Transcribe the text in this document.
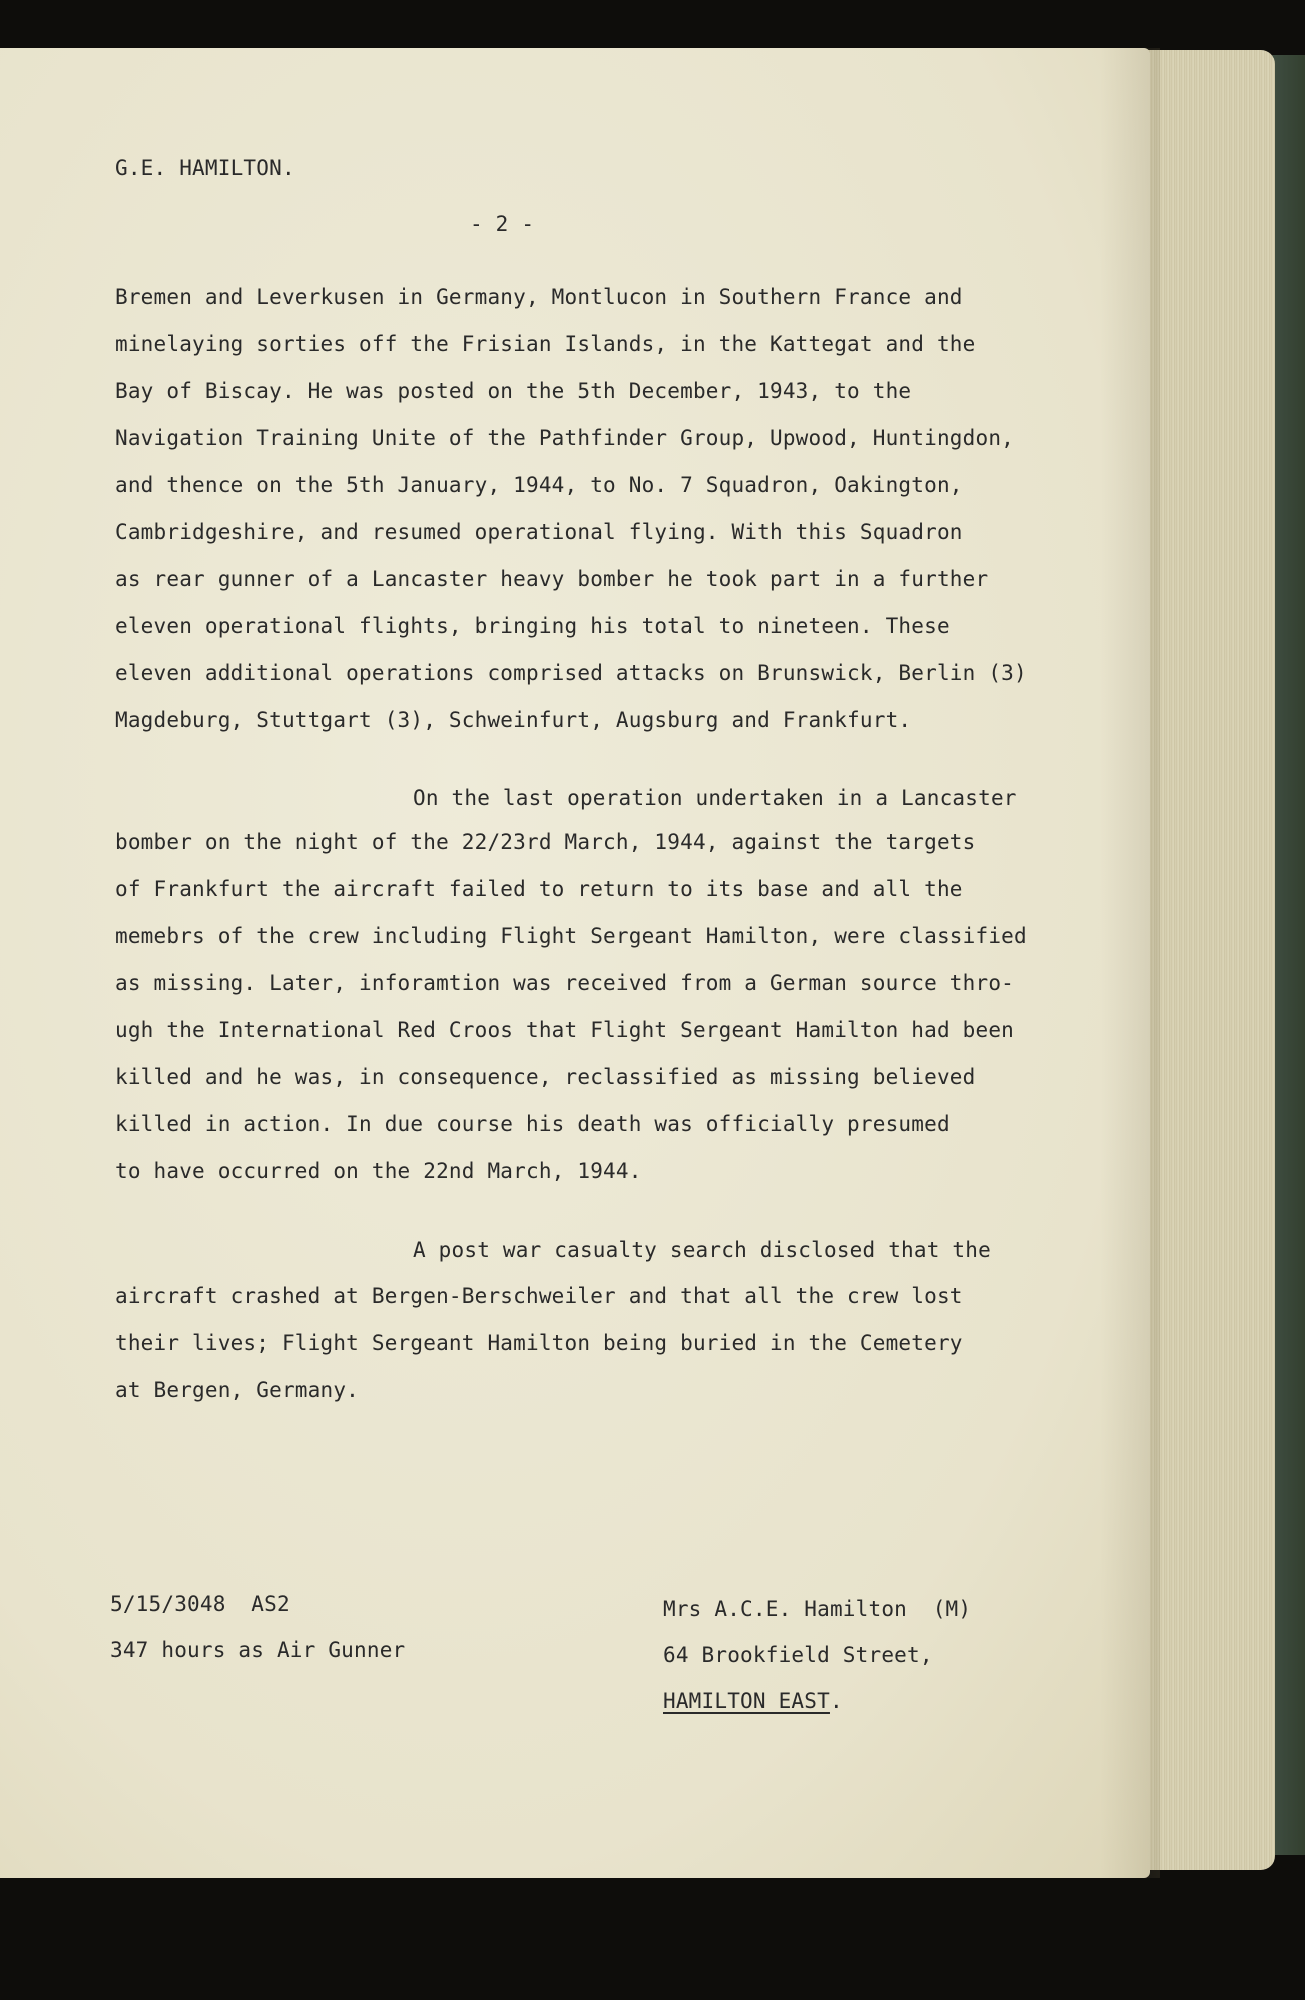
G.E. HAMILTON.
- 2 -
Bremen and Leverkusen in Germany, Montlucon in Southern France and
minelaying sorties off the Frisian Islands, in the Kattegat and the
Bay of Biscay. He was posted on the 5th December, 1943, to the
Navigation Training Unite of the Pathfinder Group, Upwood, Huntingdon,
and thence on the 5th January, 1944, to No. 7 Squadron, Oakington,
Cambridgeshire, and resumed operational flying. With this Squadron
as rear gunner of a Lancaster heavy bomber he took part in a further
eleven operational flights, bringing his total to nineteen. These
eleven additional operations comprised attacks on Brunswick, Berlin (3)
Magdeburg, Stuttgart (3), Schweinfurt, Augsburg and Frankfurt.
On the last operation undertaken in a Lancaster
bomber on the night of the 22/23rd March, 1944, against the targets
of Frankfurt the aircraft failed to return to its base and all the
memebrs of the crew including Flight Sergeant Hamilton, were classified
as missing. Later, inforamtion was received from a German source thro-
ugh the International Red Croos that Flight Sergeant Hamilton had been
killed and he was, in consequence, reclassified as missing believed
killed in action. In due course his death was officially presumed
to have occurred on the 22nd March, 1944.
A post war casualty search disclosed that the
aircraft crashed at Bergen-Berschweiler and that all the crew lost
their lives; Flight Sergeant Hamilton being buried in the Cemetery
at Bergen, Germany.
5/15/3048  AS2
347 hours as Air Gunner
Mrs A.C.E. Hamilton  (M)
64 Brookfield Street,
HAMILTON EAST.
